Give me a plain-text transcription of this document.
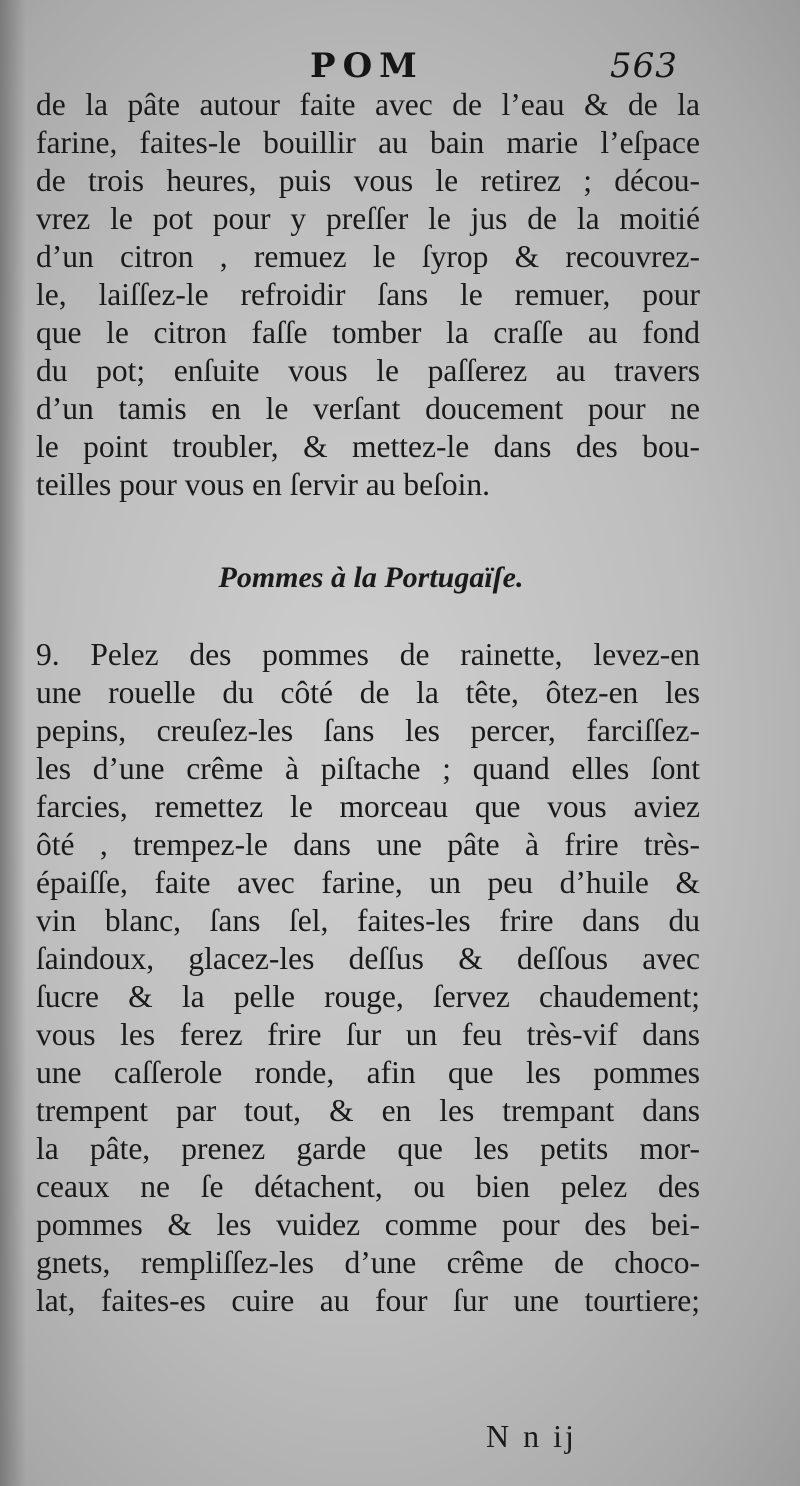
POM	563
de la pâte autour faite avec de l’eau & de la
farine, faites-le bouillir au bain marie l’eſpace
de trois heures, puis vous le retirez ; décou-
vrez le pot pour y preſſer le jus de la moitié
d’un citron , remuez le ſyrop & recouvrez-
le, laiſſez-le refroidir ſans le remuer, pour
que le citron faſſe tomber la craſſe au fond
du pot; enſuite vous le paſſerez au travers
d’un tamis en le verſant doucement pour ne
le point troubler, & mettez-le dans des bou-
teilles pour vous en ſervir au beſoin.
Pommes à la Portugaïſe.
9. Pelez des pommes de rainette, levez-en
une rouelle du côté de la tête, ôtez-en les
pepins, creuſez-les ſans les percer, farciſſez-
les d’une crême à piſtache ; quand elles ſont
farcies, remettez le morceau que vous aviez
ôté , trempez-le dans une pâte à frire très-
épaiſſe, faite avec farine, un peu d’huile &
vin blanc, ſans ſel, faites-les frire dans du
ſaindoux, glacez-les deſſus & deſſous avec
ſucre & la pelle rouge, ſervez chaudement;
vous les ferez frire ſur un feu très-vif dans
une caſſerole ronde, afin que les pommes
trempent par tout, & en les trempant dans
la pâte, prenez garde que les petits mor-
ceaux ne ſe détachent, ou bien pelez des
pommes & les vuidez comme pour des bei-
gnets, rempliſſez-les d’une crême de choco-
lat, faites-es cuire au four ſur une tourtiere;
N n ij
